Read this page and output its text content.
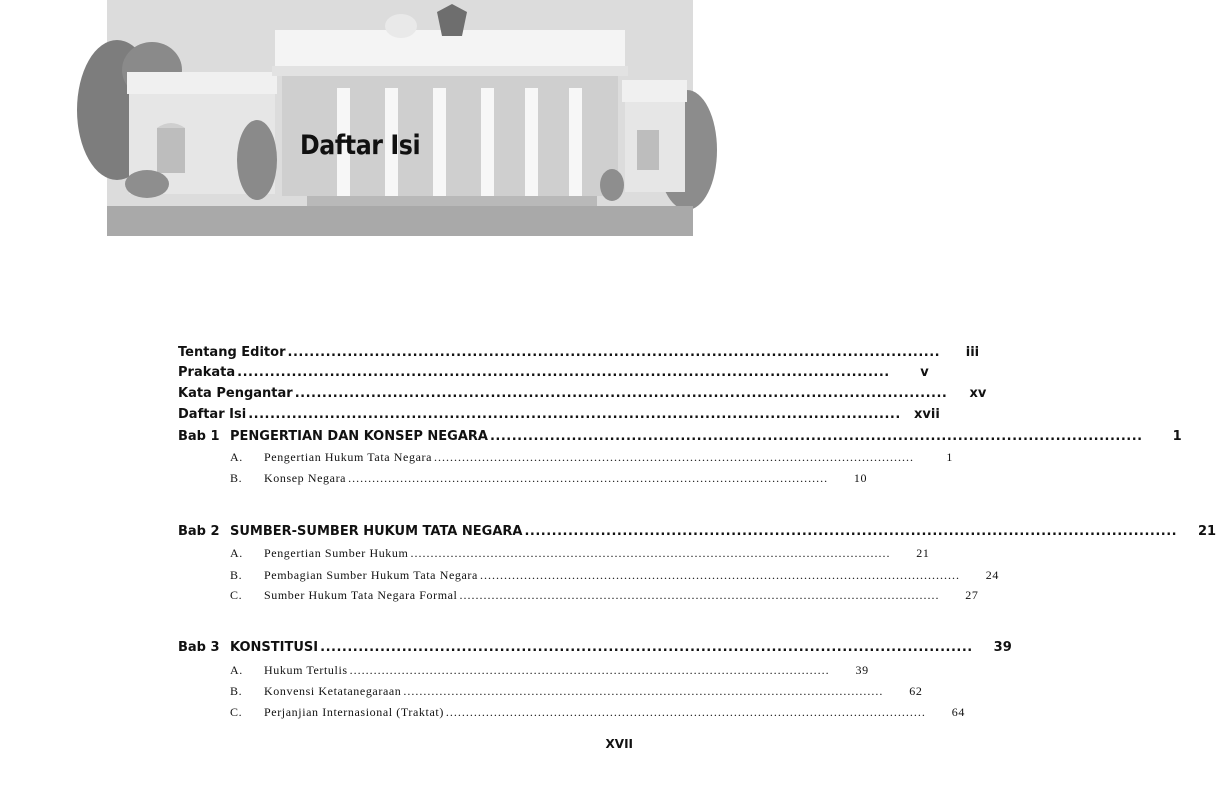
Daftar Isi
Tentang Editor ........................................................................................................................	iii
Prakata ........................................................................................................................	v
Kata Pengantar ........................................................................................................................	xv
Daftar Isi ........................................................................................................................	xvii
Bab 1 PENGERTIAN DAN KONSEP NEGARA ........................................................................................................................	1
A.	Pengertian Hukum Tata Negara ........................................................................................................................	1
B.	Konsep Negara ........................................................................................................................	10
Bab 2 SUMBER-SUMBER HUKUM TATA NEGARA ........................................................................................................................	21
A.	Pengertian Sumber Hukum ........................................................................................................................	21
B.	Pembagian Sumber Hukum Tata Negara ........................................................................................................................	24
C.	Sumber Hukum Tata Negara Formal ........................................................................................................................	27
Bab 3 KONSTITUSI ........................................................................................................................	39
A.	Hukum Tertulis ........................................................................................................................	39
B.	Konvensi Ketatanegaraan ........................................................................................................................	62
C.	Perjanjian Internasional (Traktat) ........................................................................................................................	64
XVII
